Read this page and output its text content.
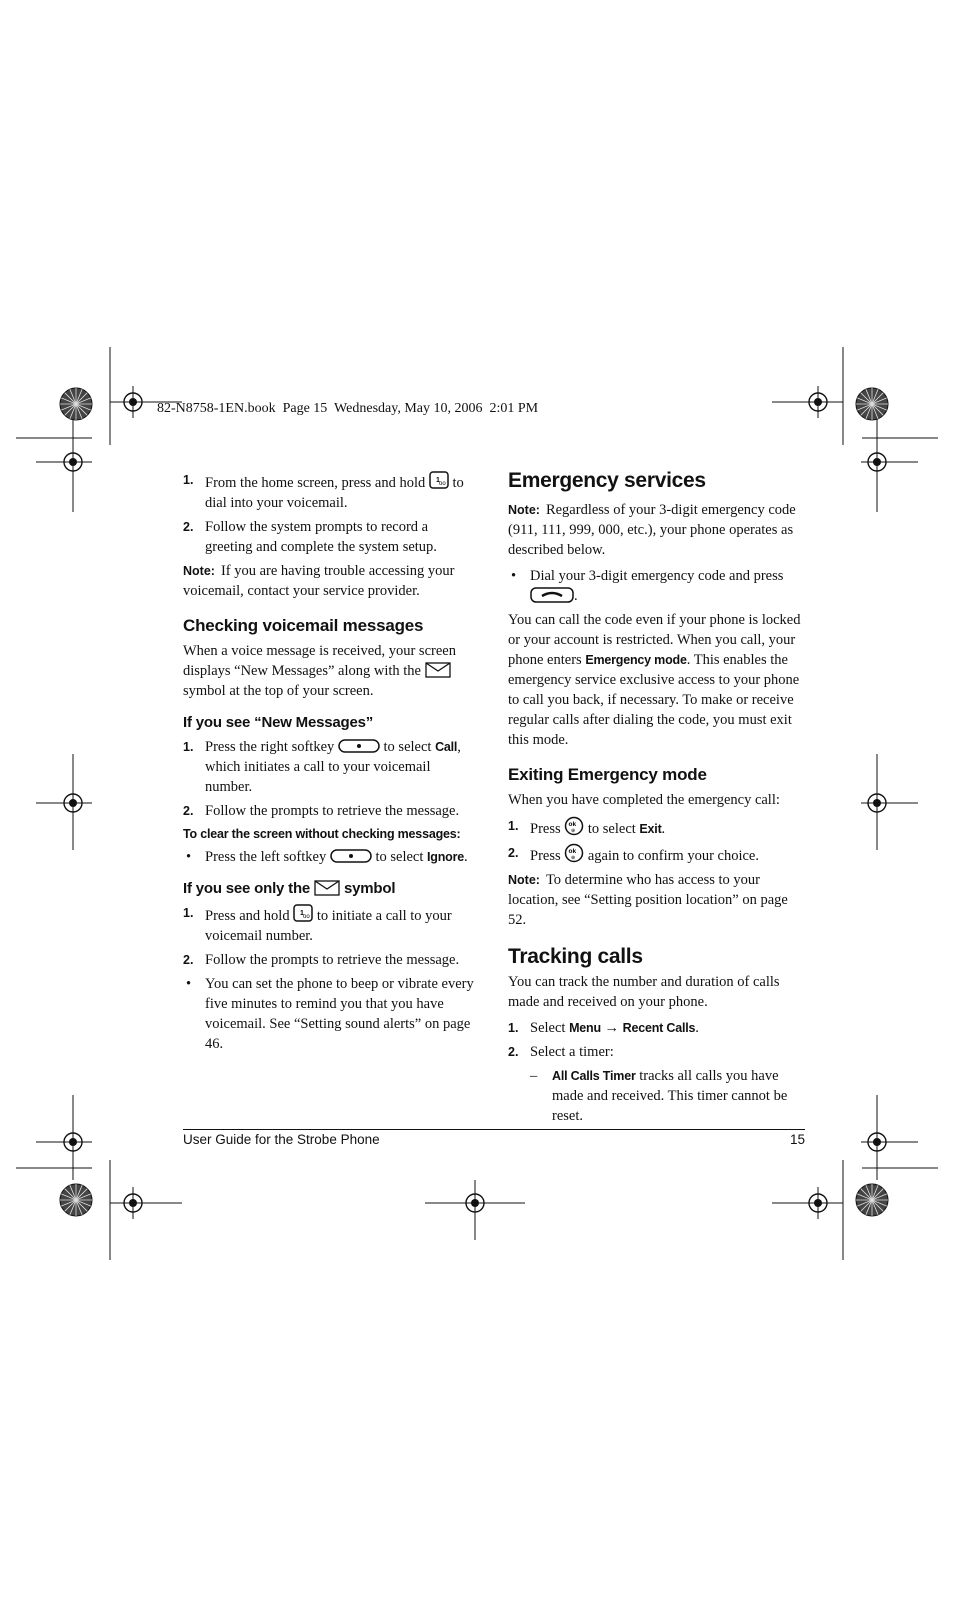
82-N8758-1EN.book  Page 15  Wednesday, May 10, 2006  2:01 PM
1. From the home screen, press and hold 1 oo to dial into your voicemail.
2. Follow the system prompts to record a greeting and complete the system setup.

Note: If you are having trouble accessing your voicemail, contact your service provider.

Checking voicemail messages

When a voice message is received, your screen displays “New Messages” along with the  symbol at the top of your screen.

If you see “New Messages”
1. Press the right softkey	to select Call, which initiates a call to your voicemail number.
2. Follow the prompts to retrieve the message.
To clear the screen without checking messages:
• Press the left softkey	to select Ignore.
If you see only the symbol
1. Press and hold 1 oo to initiate a call to your voicemail number.
2. Follow the prompts to retrieve the message.
• You can set the phone to beep or vibrate every five minutes to remind you that you have voicemail. See “Setting sound alerts” on page 46.
Emergency services

Note: Regardless of your 3-digit emergency code (911, 111, 999, 000, etc.), your phone operates as described below.

• Dial your 3-digit emergency code and press .

You can call the code even if your phone is locked or your account is restricted. When you call, your phone enters Emergency mode. This enables the emergency service exclusive access to your phone to call you back, if necessary. To make or receive regular calls after dialing the code, you must exit this mode.

Exiting Emergency mode

When you have completed the emergency call:

1. Press ok
⊕ to select Exit.
2. Press ok
⊕ again to confirm your choice.

Note: To determine who has access to your location, see “Setting position location” on page 52.

Tracking calls

You can track the number and duration of calls made and received on your phone.

1. Select Menu → Recent Calls.
2. Select a timer:
– All Calls Timer tracks all calls you have made and received. This timer cannot be reset.
User Guide for the Strobe Phone	15
